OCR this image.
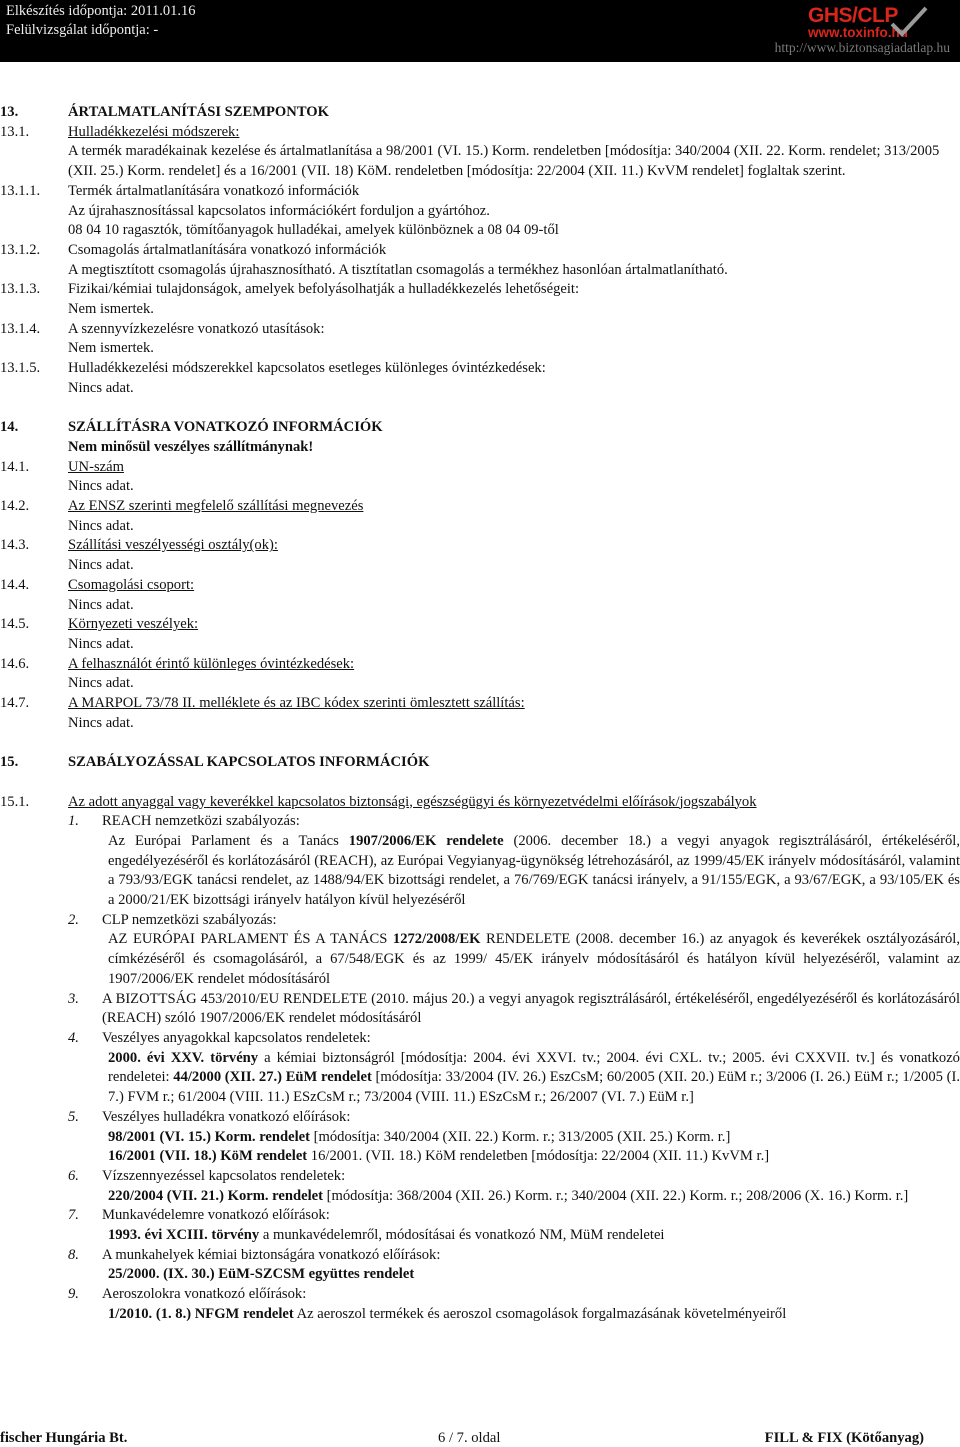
Elkészítés időpontja: 2011.01.16
Felülvizsgálat időpontja: -
GHS/CLP
www.toxinfo.hu
http://www.biztonsagiadatlap.hu
13.	ÁRTALMATLANÍTÁSI SZEMPONTOK
13.1.	Hulladékkezelési módszerek:
A termék maradékainak kezelése és ártalmatlanítása a 98/2001 (VI. 15.) Korm. rendeletben [módosítja: 340/2004 (XII. 22. Korm. rendelet; 313/2005 (XII. 25.) Korm. rendelet] és a 16/2001 (VII. 18) KöM. rendeletben [módosítja: 22/2004 (XII. 11.) KvVM rendelet] foglaltak szerint.
13.1.1. Termék ártalmatlanítására vonatkozó információk
Az újrahasznosítással kapcsolatos információkért forduljon a gyártóhoz.
08 04 10 ragasztók, tömítőanyagok hulladékai, amelyek különböznek a 08 04 09-től
13.1.2. Csomagolás ártalmatlanítására vonatkozó információk
A megtisztított csomagolás újrahasznosítható. A tisztítatlan csomagolás a termékhez hasonlóan ártalmatlanítható.
13.1.3. Fizikai/kémiai tulajdonságok, amelyek befolyásolhatják a hulladékkezelés lehetőségeit:
Nem ismertek.
13.1.4. A szennyvízkezelésre vonatkozó utasítások:
Nem ismertek.
13.1.5. Hulladékkezelési módszerekkel kapcsolatos esetleges különleges óvintézkedések:
Nincs adat.
14.	SZÁLLÍTÁSRA VONATKOZÓ INFORMÁCIÓK
Nem minősül veszélyes szállítmánynak!
14.1.	UN-szám
Nincs adat.
14.2.	Az ENSZ szerinti megfelelő szállítási megnevezés
Nincs adat.
14.3.	Szállítási veszélyességi osztály(ok):
Nincs adat.
14.4.	Csomagolási csoport:
Nincs adat.
14.5.	Környezeti veszélyek:
Nincs adat.
14.6.	A felhasználót érintő különleges óvintézkedések:
Nincs adat.
14.7.	A MARPOL 73/78 II. melléklete és az IBC kódex szerinti ömlesztett szállítás:
Nincs adat.
15.	SZABÁLYOZÁSSAL KAPCSOLATOS INFORMÁCIÓK
15.1.	Az adott anyaggal vagy keverékkel kapcsolatos biztonsági, egészségügyi és környezetvédelmi előírások/jogszabályok
1. REACH nemzetközi szabályozás:
Az Európai Parlament és a Tanács 1907/2006/EK rendelete (2006. december 18.) a vegyi anyagok regisztrálásáról, értékeléséről, engedélyezéséről és korlátozásáról (REACH), az Európai Vegyianyag-ügynökség létrehozásáról, az 1999/45/EK irányelv módosításáról, valamint a 793/93/EGK tanácsi rendelet, az 1488/94/EK bizottsági rendelet, a 76/769/EGK tanácsi irányelv, a 91/155/EGK, a 93/67/EGK, a 93/105/EK és a 2000/21/EK bizottsági irányelv hatályon kívül helyezéséről
2. CLP nemzetközi szabályozás:
AZ EURÓPAI PARLAMENT ÉS A TANÁCS 1272/2008/EK RENDELETE (2008. december 16.) az anyagok és keverékek osztályozásáról, címkézéséről és csomagolásáról, a 67/548/EGK és az 1999/ 45/EK irányelv módosításáról és hatályon kívül helyezéséről, valamint az 1907/2006/EK rendelet módosításáról
3. A BIZOTTSÁG 453/2010/EU RENDELETE (2010. május 20.) a vegyi anyagok regisztrálásáról, értékeléséről, engedélyezéséről és korlátozásáról (REACH) szóló 1907/2006/EK rendelet módosításáról
4. Veszélyes anyagokkal kapcsolatos rendeletek:
2000. évi XXV. törvény a kémiai biztonságról [módosítja: 2004. évi XXVI. tv.; 2004. évi CXL. tv.; 2005. évi CXXVII. tv.] és vonatkozó rendeletei: 44/2000 (XII. 27.) EüM rendelet [módosítja: 33/2004 (IV. 26.) EszCsM; 60/2005 (XII. 20.) EüM r.; 3/2006 (I. 26.) EüM r.; 1/2005 (I. 7.) FVM r.; 61/2004 (VIII. 11.) ESzCsM r.; 73/2004 (VIII. 11.) ESzCsM r.; 26/2007 (VI. 7.) EüM r.]
5. Veszélyes hulladékra vonatkozó előírások:
98/2001 (VI. 15.) Korm. rendelet [módosítja: 340/2004 (XII. 22.) Korm. r.; 313/2005 (XII. 25.) Korm. r.]
16/2001 (VII. 18.) KöM rendelet 16/2001. (VII. 18.) KöM rendeletben [módosítja: 22/2004 (XII. 11.) KvVM r.]
6. Vízszennyezéssel kapcsolatos rendeletek:
220/2004 (VII. 21.) Korm. rendelet [módosítja: 368/2004 (XII. 26.) Korm. r.; 340/2004 (XII. 22.) Korm. r.; 208/2006 (X. 16.) Korm. r.]
7. Munkavédelemre vonatkozó előírások:
1993. évi XCIII. törvény a munkavédelemről, módosításai és vonatkozó NM, MüM rendeletei
8. A munkahelyek kémiai biztonságára vonatkozó előírások:
25/2000. (IX. 30.) EüM-SZCSM együttes rendelet
9. Aeroszolokra vonatkozó előírások:
1/2010. (1. 8.) NFGM rendelet Az aeroszol termékek és aeroszol csomagolások forgalmazásának követelményeiről
fischer Hungária Bt.	6 / 7. oldal	FILL & FIX (Kötőanyag)
